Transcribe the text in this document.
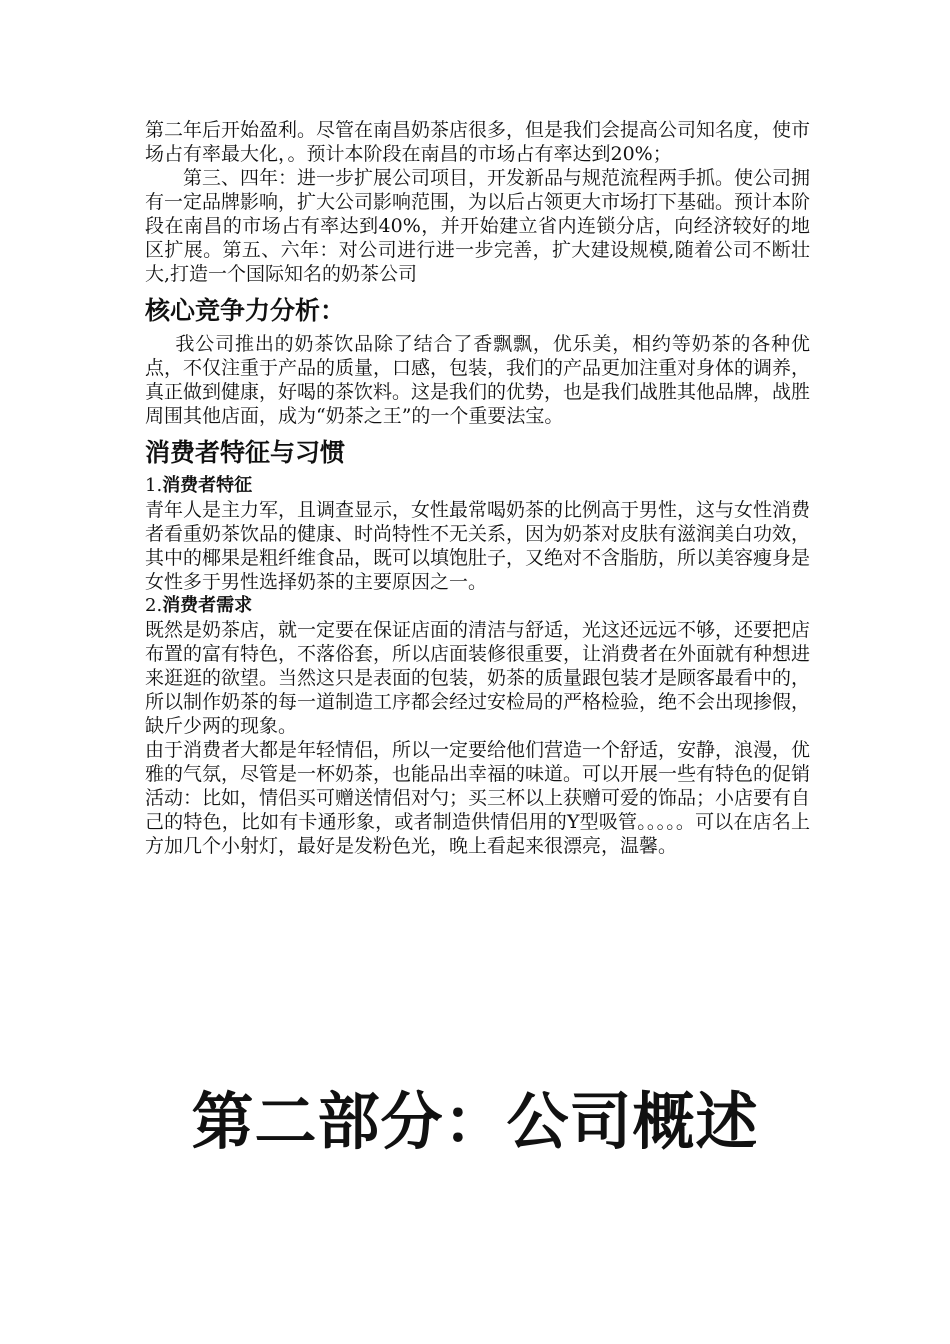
第二年后开始盈利。尽管在南昌奶茶店很多，但是我们会提高公司知名度，使市场占有率最大化，。预计本阶段在南昌的市场占有率达到20%；

第三、四年：进一步扩展公司项目，开发新品与规范流程两手抓。使公司拥有一定品牌影响，扩大公司影响范围，为以后占领更大市场打下基础。预计本阶段在南昌的市场占有率达到40%，并开始建立省内连锁分店，向经济较好的地区扩展。第五、六年：对公司进行进一步完善，扩大建设规模,随着公司不断壮大,打造一个国际知名的奶茶公司

核心竞争力分析：

我公司推出的奶茶饮品除了结合了香飘飘，优乐美，相约等奶茶的各种优点，不仅注重于产品的质量，口感，包装，我们的产品更加注重对身体的调养，真正做到健康，好喝的茶饮料。这是我们的优势，也是我们战胜其他品牌，战胜周围其他店面，成为“奶茶之王”的一个重要法宝。

消费者特征与习惯

1.消费者特征

青年人是主力军，且调查显示，女性最常喝奶茶的比例高于男性，这与女性消费者看重奶茶饮品的健康、时尚特性不无关系，因为奶茶对皮肤有滋润美白功效，其中的椰果是粗纤维食品，既可以填饱肚子，又绝对不含脂肪，所以美容瘦身是女性多于男性选择奶茶的主要原因之一。

2.消费者需求

既然是奶茶店，就一定要在保证店面的清洁与舒适，光这还远远不够，还要把店布置的富有特色，不落俗套，所以店面装修很重要，让消费者在外面就有种想进来逛逛的欲望。当然这只是表面的包装，奶茶的质量跟包装才是顾客最看中的，所以制作奶茶的每一道制造工序都会经过安检局的严格检验，绝不会出现掺假，缺斤少两的现象。

由于消费者大都是年轻情侣，所以一定要给他们营造一个舒适，安静，浪漫，优雅的气氛，尽管是一杯奶茶，也能品出幸福的味道。可以开展一些有特色的促销活动：比如，情侣买可赠送情侣对勺；买三杯以上获赠可爱的饰品；小店要有自己的特色，比如有卡通形象，或者制造供情侣用的Y型吸管。。。。。可以在店名上方加几个小射灯，最好是发粉色光，晚上看起来很漂亮，温馨。

第二部分：公司概述
